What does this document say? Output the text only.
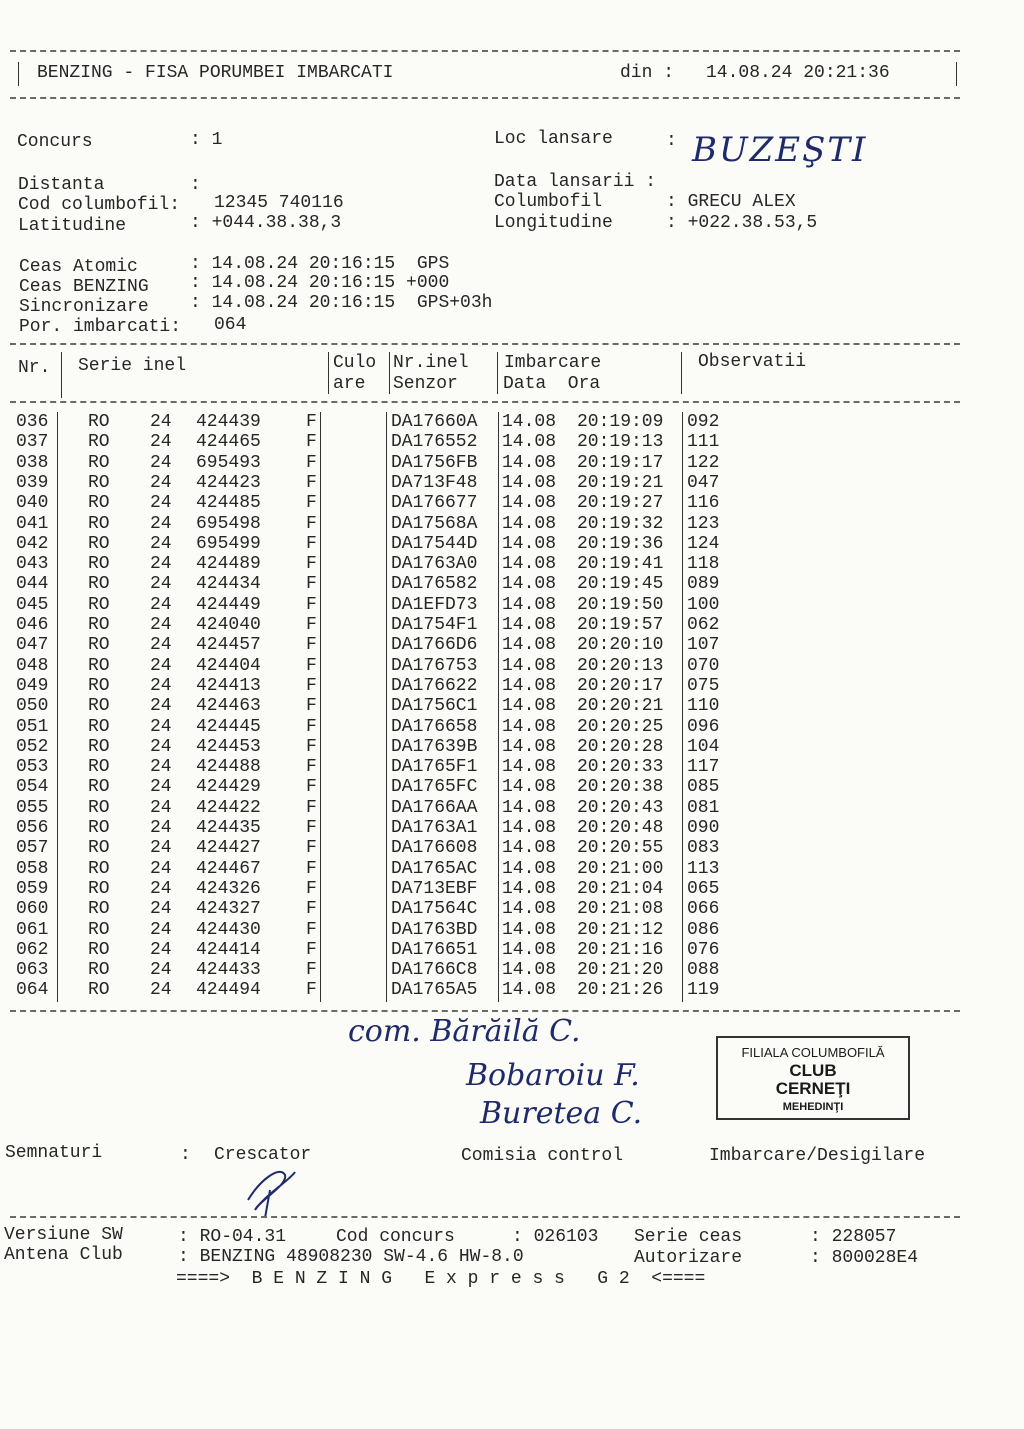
BENZING - FISA PORUMBEI IMBARCATI	din : 14.08.24 20:21:36
Concurs	: 1
Distanta	:
Cod columbofil: 12345 740116
Latitudine	: +044.38.38,3
Loc lansare	: BUZEŞTI
Data lansarii :
Columbofil	: GRECU ALEX
Longitudine	: +022.38.53,5
Ceas Atomic	: 14.08.24 20:16:15  GPS
Ceas BENZING : 14.08.24 20:16:15 +000
Sincronizare : 14.08.24 20:16:15  GPS+03h
Por. imbarcati: 064
Nr. Serie inel	Culo
are
Nr.inel
Senzor
Imbarcare
Data  Ora
Observatii
036 RO 24 424439	F	DA17660A 14.08 20:19:09 092
037 RO 24 424465	F	DA176552 14.08 20:19:13 111
038 RO 24 695493	F	DA1756FB 14.08 20:19:17 122
039 RO 24 424423	F	DA713F48 14.08 20:19:21 047
040 RO 24 424485	F	DA176677 14.08 20:19:27 116
041 RO 24 695498	F	DA17568A 14.08 20:19:32 123
042 RO 24 695499	F	DA17544D 14.08 20:19:36 124
043 RO 24 424489	F	DA1763A0 14.08 20:19:41 118
044 RO 24 424434	F	DA176582 14.08 20:19:45 089
045 RO 24 424449	F	DA1EFD73 14.08 20:19:50 100
046 RO 24 424040	F	DA1754F1 14.08 20:19:57 062
047 RO 24 424457	F	DA1766D6 14.08 20:20:10 107
048 RO 24 424404	F	DA176753 14.08 20:20:13 070
049 RO 24 424413	F	DA176622 14.08 20:20:17 075
050 RO 24 424463	F	DA1756C1 14.08 20:20:21 110
051 RO 24 424445	F	DA176658 14.08 20:20:25 096
052 RO 24 424453	F	DA17639B 14.08 20:20:28 104
053 RO 24 424488	F	DA1765F1 14.08 20:20:33 117
054 RO 24 424429	F	DA1765FC 14.08 20:20:38 085
055 RO 24 424422	F	DA1766AA 14.08 20:20:43 081
056 RO 24 424435	F	DA1763A1 14.08 20:20:48 090
057 RO 24 424427	F	DA176608 14.08 20:20:55 083
058 RO 24 424467	F	DA1765AC 14.08 20:21:00 113
059 RO 24 424326	F	DA713EBF 14.08 20:21:04 065
060 RO 24 424327	F	DA17564C 14.08 20:21:08 066
061 RO 24 424430	F	DA1763BD 14.08 20:21:12 086
062 RO 24 424414	F	DA176651 14.08 20:21:16 076
063 RO 24 424433	F	DA1766C8 14.08 20:21:20 088
064 RO 24 424494	F	DA1765A5 14.08 20:21:26 119
com. Bărăilă C.
Bobaroiu F.
Buretea C.
FILIALA COLUMBOFILĂ
CLUB
CERNEŢI
MEHEDINŢI
Semnaturi	: Crescator	Comisia control	Imbarcare/Desigilare
Versiune SW	: RO-04.31	Cod concurs	: 026103 Serie ceas	: 228057
Antena Club	: BENZING 48908230 SW-4.6 HW-8.0	Autorizare	: 800028E4
====>  B E N Z I N G   E x p r e s s   G 2  <====
